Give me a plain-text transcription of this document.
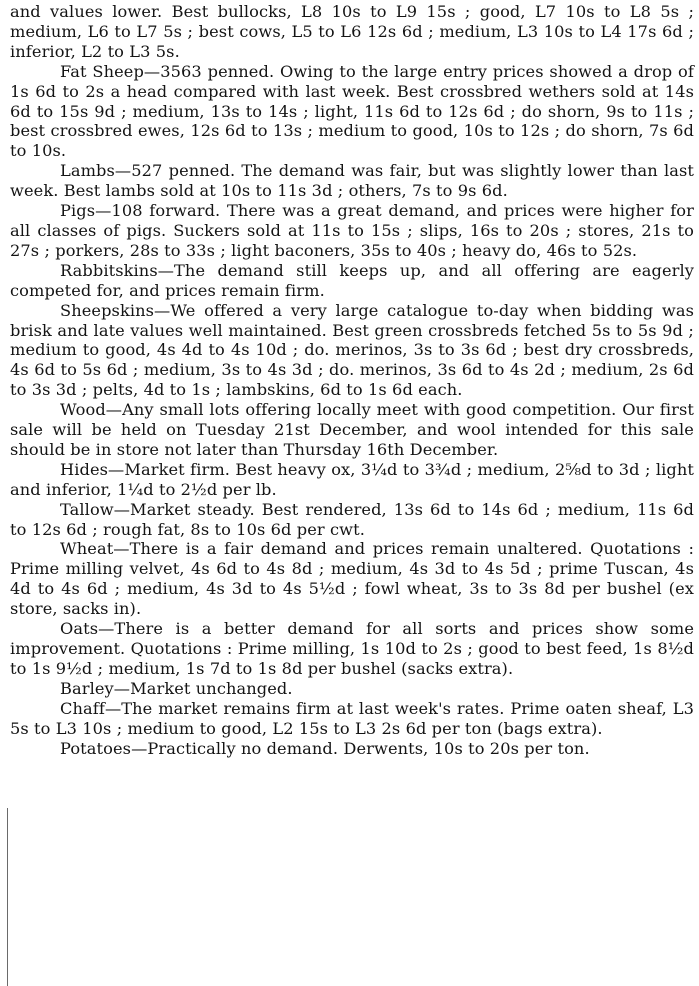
and values lower. Best bullocks, L8 10s to L9 15s ; good, L7 10s to L8 5s ; medium, L6 to L7 5s ; best cows, L5 to L6 12s 6d ; medium, L3 10s to L4 17s 6d ; inferior, L2 to L3 5s.

Fat Sheep—3563 penned. Owing to the large entry prices showed a drop of 1s 6d to 2s a head compared with last week. Best crossbred wethers sold at 14s 6d to 15s 9d ; medium, 13s to 14s ; light, 11s 6d to 12s 6d ; do shorn, 9s to 11s ; best crossbred ewes, 12s 6d to 13s ; medium to good, 10s to 12s ; do shorn, 7s 6d to 10s.

Lambs—527 penned. The demand was fair, but was slightly lower than last week. Best lambs sold at 10s to 11s 3d ; others, 7s to 9s 6d.

Pigs—108 forward. There was a great demand, and prices were higher for all classes of pigs. Suckers sold at 11s to 15s ; slips, 16s to 20s ; stores, 21s to 27s ; porkers, 28s to 33s ; light baconers, 35s to 40s ; heavy do, 46s to 52s.

Rabbitskins—The demand still keeps up, and all offering are eagerly competed for, and prices remain firm.

Sheepskins—We offered a very large catalogue to-day when bidding was brisk and late values well maintained. Best green crossbreds fetched 5s to 5s 9d ; medium to good, 4s 4d to 4s 10d ; do. merinos, 3s to 3s 6d ; best dry crossbreds, 4s 6d to 5s 6d ; medium, 3s to 4s 3d ; do. merinos, 3s 6d to 4s 2d ; medium, 2s 6d to 3s 3d ; pelts, 4d to 1s ; lambskins, 6d to 1s 6d each.

Wood—Any small lots offering locally meet with good competition. Our first sale will be held on Tuesday 21st December, and wool intended for this sale should be in store not later than Thursday 16th December.

Hides—Market firm. Best heavy ox, 3¼d to 3¾d ; medium, 2⅝d to 3d ; light and inferior, 1¼d to 2½d per lb.

Tallow—Market steady. Best rendered, 13s 6d to 14s 6d ; medium, 11s 6d to 12s 6d ; rough fat, 8s to 10s 6d per cwt.

Wheat—There is a fair demand and prices remain unaltered. Quotations : Prime milling velvet, 4s 6d to 4s 8d ; medium, 4s 3d to 4s 5d ; prime Tuscan, 4s 4d to 4s 6d ; medium, 4s 3d to 4s 5½d ; fowl wheat, 3s to 3s 8d per bushel (ex store, sacks in).

Oats—There is a better demand for all sorts and prices show some improvement. Quotations : Prime milling, 1s 10d to 2s ; good to best feed, 1s 8½d to 1s 9½d ; medium, 1s 7d to 1s 8d per bushel (sacks extra).

Barley—Market unchanged.

Chaff—The market remains firm at last week's rates. Prime oaten sheaf, L3 5s to L3 10s ; medium to good, L2 15s to L3 2s 6d per ton (bags extra).

Potatoes—Practically no demand. Derwents, 10s to 20s per ton.
